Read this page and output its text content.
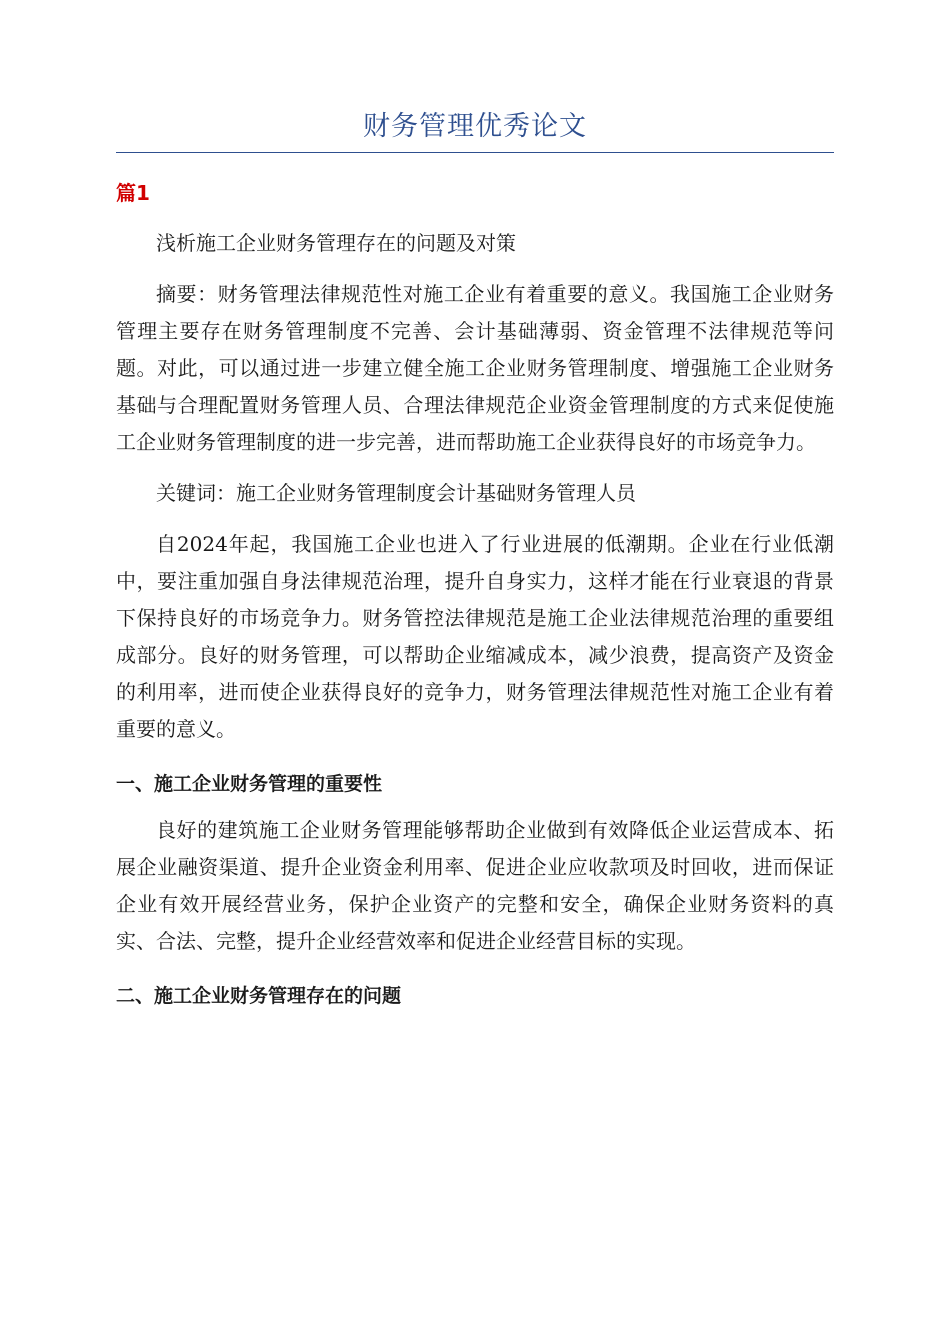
财务管理优秀论文
篇1

浅析施工企业财务管理存在的问题及对策

摘要：财务管理法律规范性对施工企业有着重要的意义。我国施工企业财务管理主要存在财务管理制度不完善、会计基础薄弱、资金管理不法律规范等问题。对此，可以通过进一步建立健全施工企业财务管理制度、增强施工企业财务基础与合理配置财务管理人员、合理法律规范企业资金管理制度的方式来促使施工企业财务管理制度的进一步完善，进而帮助施工企业获得良好的市场竞争力。

关键词：施工企业财务管理制度会计基础财务管理人员

自2024年起，我国施工企业也进入了行业进展的低潮期。企业在行业低潮中，要注重加强自身法律规范治理，提升自身实力，这样才能在行业衰退的背景下保持良好的市场竞争力。财务管控法律规范是施工企业法律规范治理的重要组成部分。良好的财务管理，可以帮助企业缩减成本，减少浪费，提高资产及资金的利用率，进而使企业获得良好的竞争力，财务管理法律规范性对施工企业有着重要的意义。

一、施工企业财务管理的重要性

良好的建筑施工企业财务管理能够帮助企业做到有效降低企业运营成本、拓展企业融资渠道、提升企业资金利用率、促进企业应收款项及时回收，进而保证企业有效开展经营业务，保护企业资产的完整和安全，确保企业财务资料的真实、合法、完整，提升企业经营效率和促进企业经营目标的实现。

二、施工企业财务管理存在的问题
